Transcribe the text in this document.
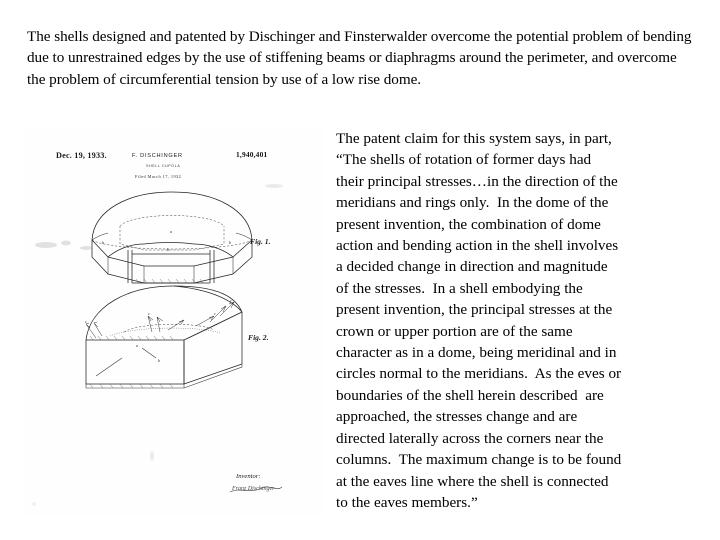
The shells designed and patented by Dischinger and Finsterwalder overcome the potential problem of bending due to unrestrained edges by the use of stiffening beams or diaphragms around the perimeter, and overcome the problem of circumferential tension by use of a low rise dome.
Dec. 19, 1933.	F. DISCHINGER
SHELL CUPOLA
Filed March 17, 1932
1,940,401
a
b
b	b Fig. 1.
a
b
c
c
c
c
Fig. 2.
Inventor:
Franz Dischinger
The patent claim for this system says, in part,
“The shells of rotation of former days had
their principal stresses…in the direction of the
meridians and rings only.  In the dome of the
present invention, the combination of dome
action and bending action in the shell involves
a decided change in direction and magnitude
of the stresses.  In a shell embodying the
present invention, the principal stresses at the
crown or upper portion are of the same
character as in a dome, being meridinal and in
circles normal to the meridians.  As the eves or
boundaries of the shell herein described  are
approached, the stresses change and are
directed laterally across the corners near the
columns.  The maximum change is to be found
at the eaves line where the shell is connected
to the eaves members.”
